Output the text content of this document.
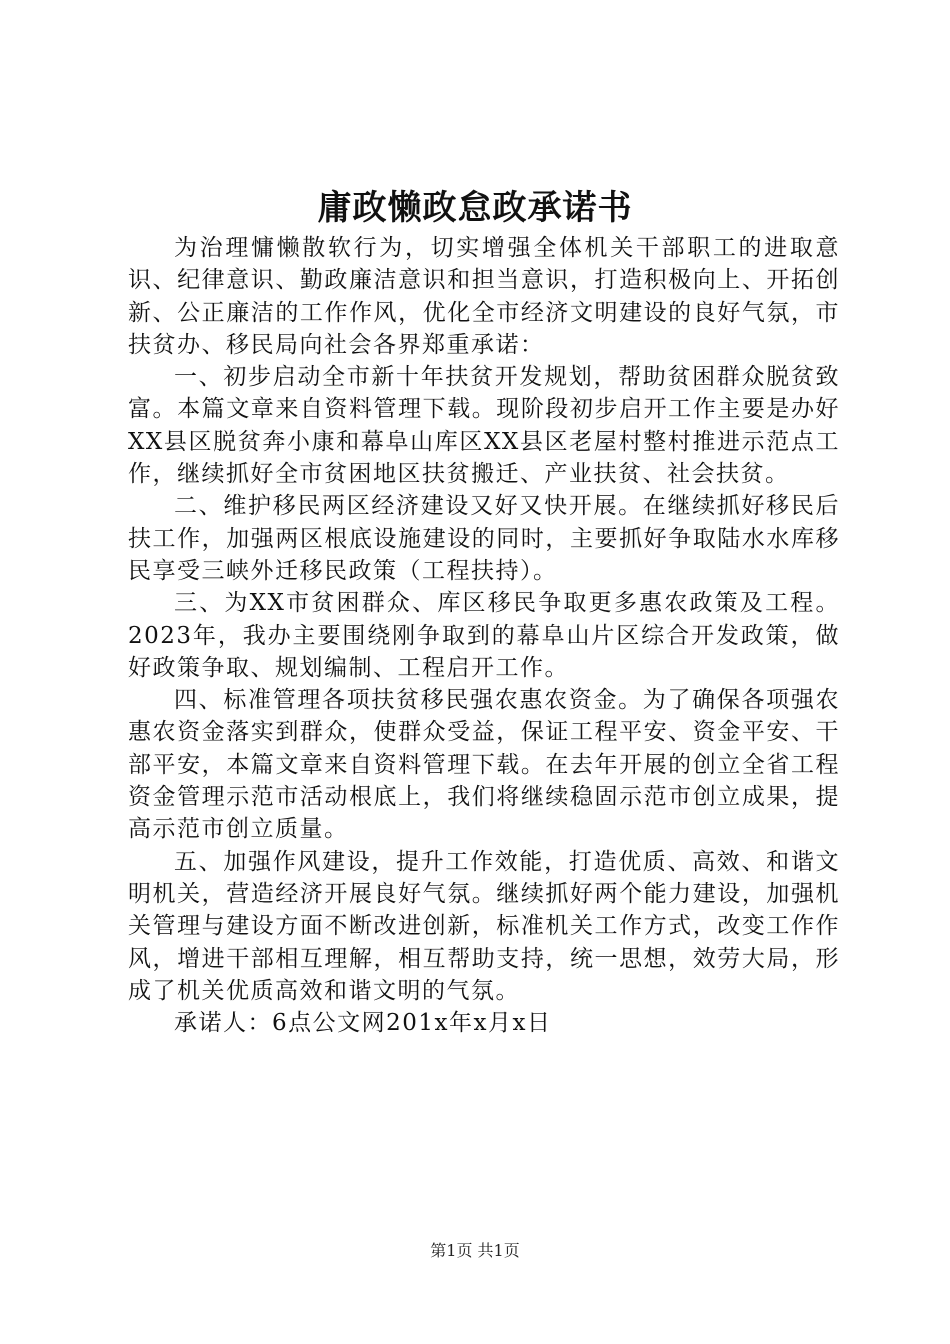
庸政懒政怠政承诺书

为治理慵懒散软行为，切实增强全体机关干部职工的进取意识、纪律意识、勤政廉洁意识和担当意识，打造积极向上、开拓创新、公正廉洁的工作作风，优化全市经济文明建设的良好气氛，市扶贫办、移民局向社会各界郑重承诺：

一、初步启动全市新十年扶贫开发规划，帮助贫困群众脱贫致富。本篇文章来自资料管理下载。现阶段初步启开工作主要是办好XX县区脱贫奔小康和幕阜山库区XX县区老屋村整村推进示范点工作，继续抓好全市贫困地区扶贫搬迁、产业扶贫、社会扶贫。

二、维护移民两区经济建设又好又快开展。在继续抓好移民后扶工作，加强两区根底设施建设的同时，主要抓好争取陆水水库移民享受三峡外迁移民政策（工程扶持）。

三、为XX市贫困群众、库区移民争取更多惠农政策及工程。2023年，我办主要围绕刚争取到的幕阜山片区综合开发政策，做好政策争取、规划编制、工程启开工作。

四、标准管理各项扶贫移民强农惠农资金。为了确保各项强农惠农资金落实到群众，使群众受益，保证工程平安、资金平安、干部平安，本篇文章来自资料管理下载。在去年开展的创立全省工程资金管理示范市活动根底上，我们将继续稳固示范市创立成果，提高示范市创立质量。

五、加强作风建设，提升工作效能，打造优质、高效、和谐文明机关，营造经济开展良好气氛。继续抓好两个能力建设，加强机关管理与建设方面不断改进创新，标准机关工作方式，改变工作作风，增进干部相互理解，相互帮助支持，统一思想，效劳大局，形成了机关优质高效和谐文明的气氛。

承诺人：6点公文网201x年x月x日

第1页 共1页
